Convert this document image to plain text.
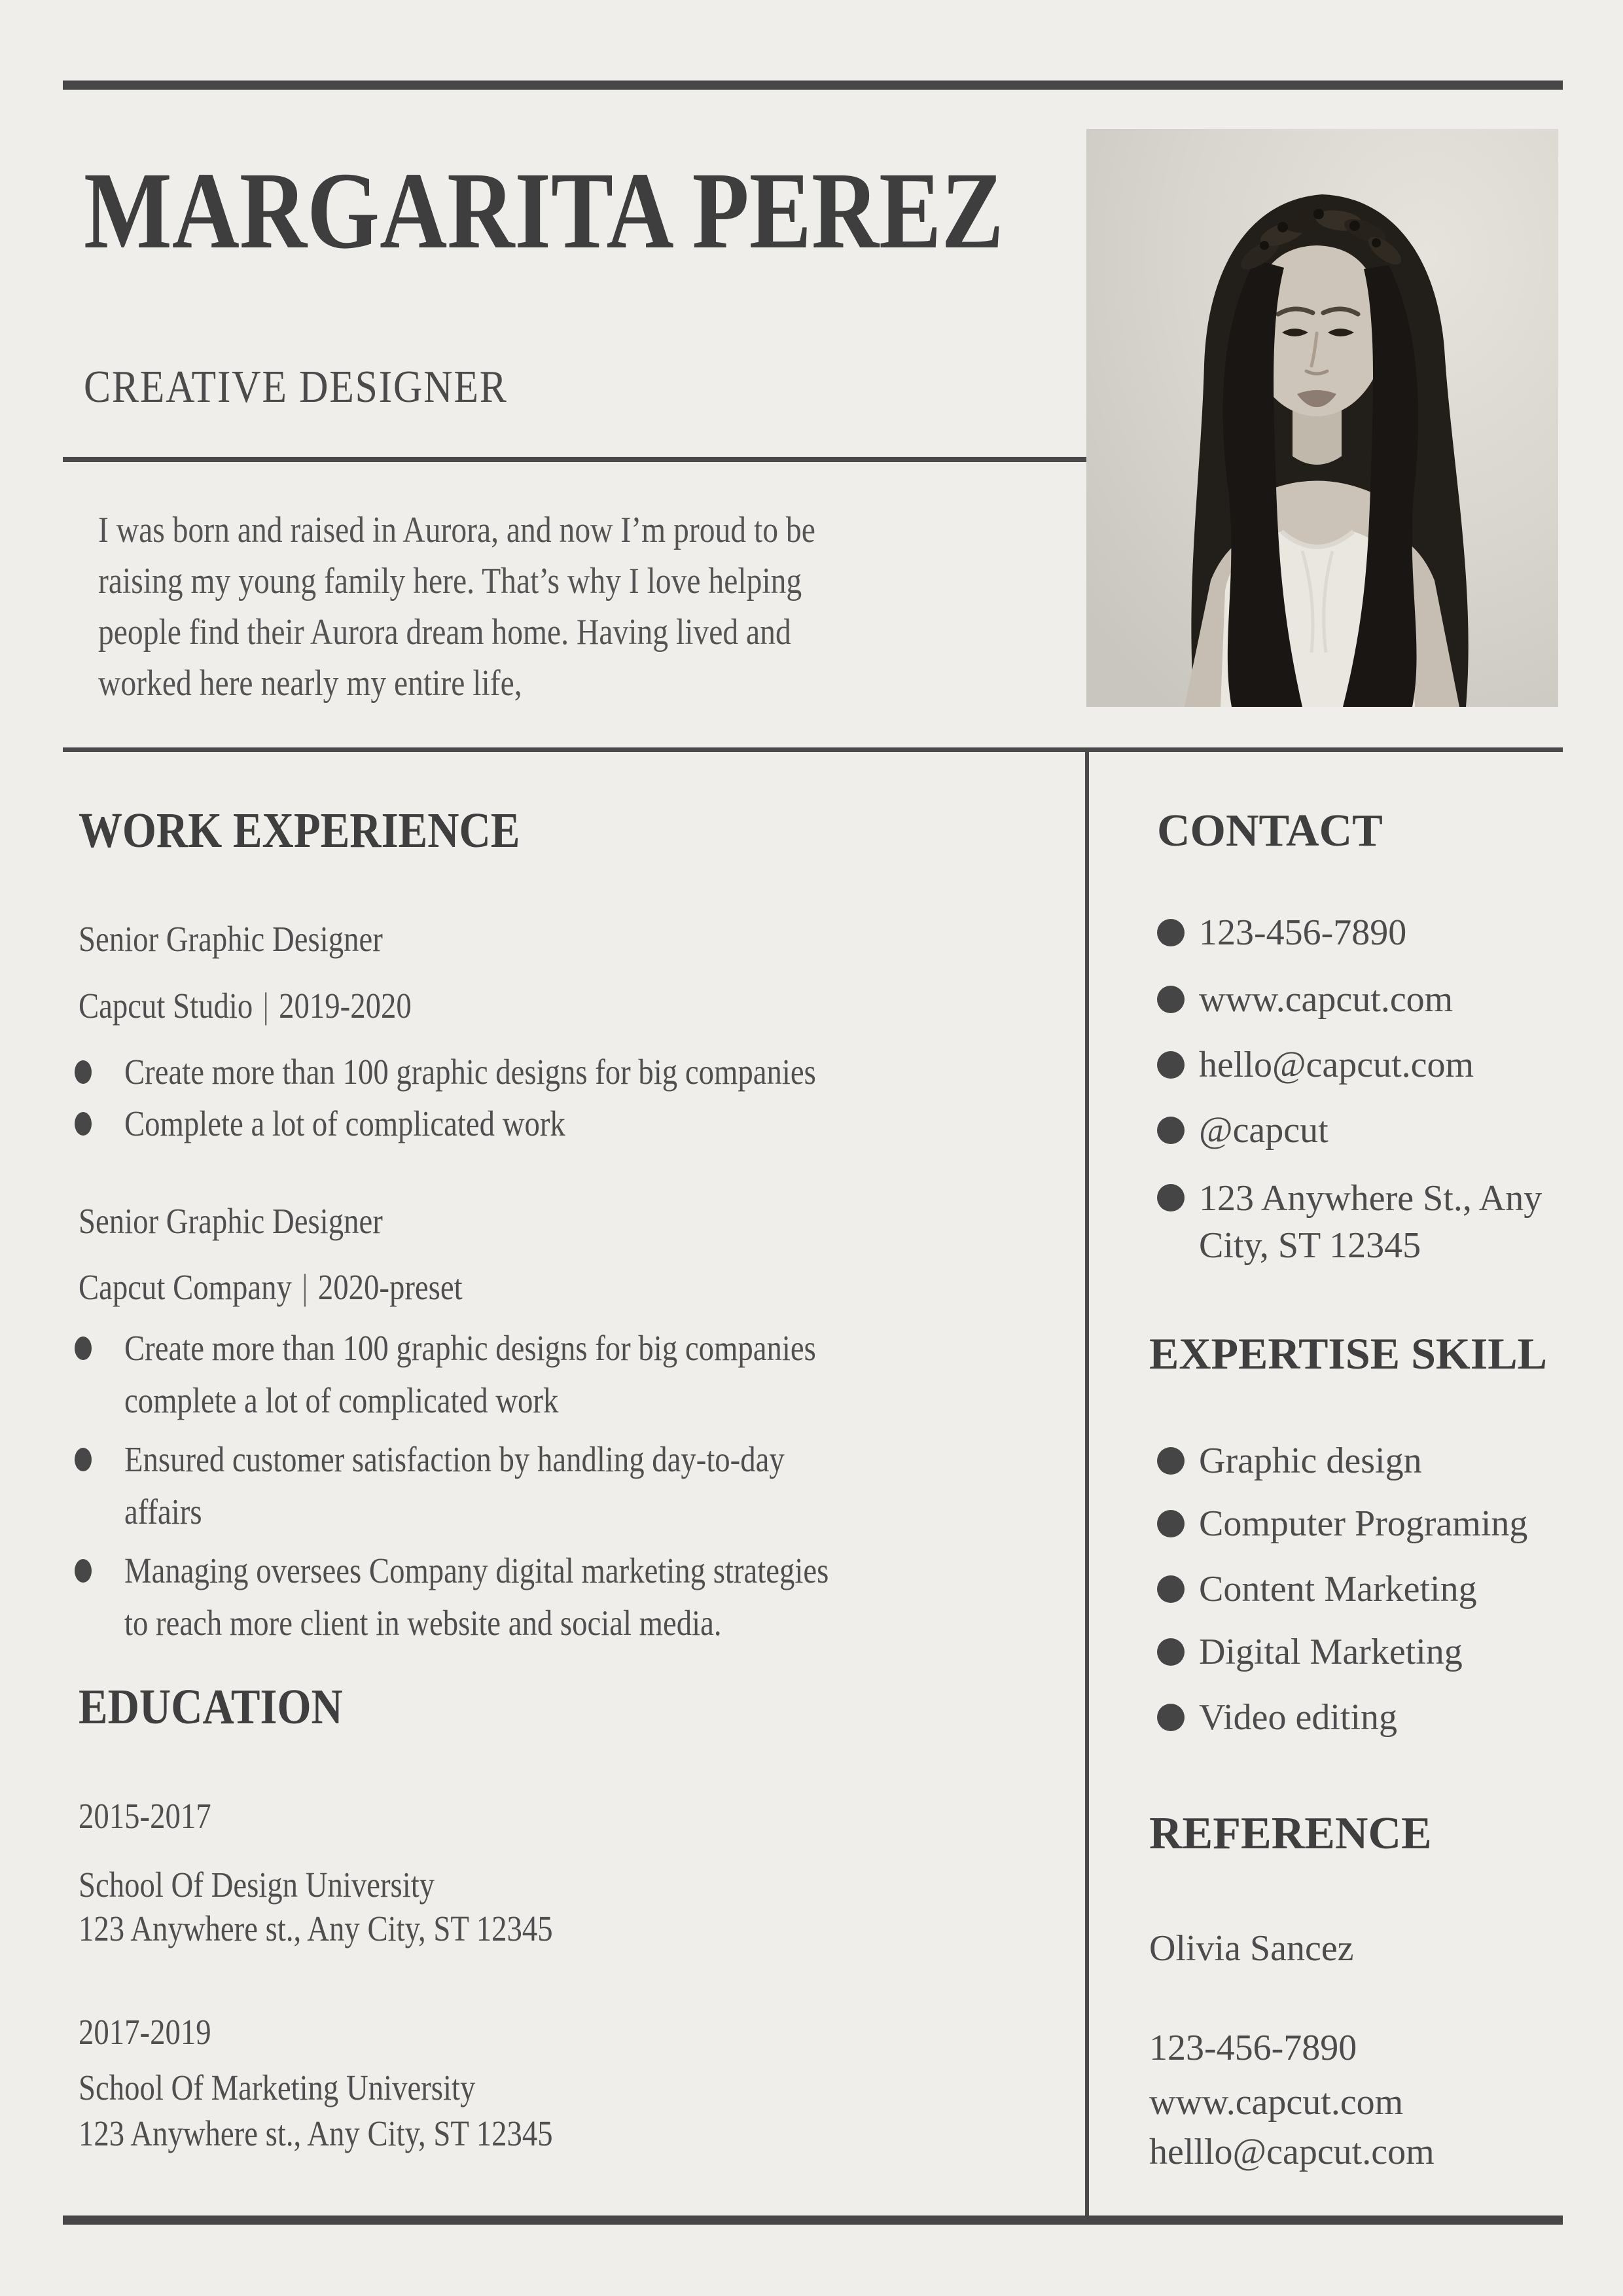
MARGARITA PEREZ
CREATIVE DESIGNER
I was born and raised in Aurora, and now I’m proud to be
raising my young family here. That’s why I love helping
people find their Aurora dream home. Having lived and
worked here nearly my entire life,
WORK EXPERIENCE
Senior Graphic Designer
Capcut Studio | 2019-2020
Create more than 100 graphic designs for big companies
Complete a lot of complicated work
Senior Graphic Designer
Capcut Company | 2020-preset
Create more than 100 graphic designs for big companies
complete a lot of complicated work
Ensured customer satisfaction by handling day-to-day
affairs
Managing oversees Company digital marketing strategies
to reach more client in website and social media.
EDUCATION
2015-2017
School Of Design University
123 Anywhere st., Any City, ST 12345
2017-2019
School Of Marketing University
123 Anywhere st., Any City, ST 12345
CONTACT
123-456-7890
www.capcut.com
hello@capcut.com
@capcut
123 Anywhere St., Any
City, ST 12345
EXPERTISE SKILL
Graphic design
Computer Programing
Content Marketing
Digital Marketing
Video editing
REFERENCE
Olivia Sancez
123-456-7890
www.capcut.com
helllo@capcut.com
